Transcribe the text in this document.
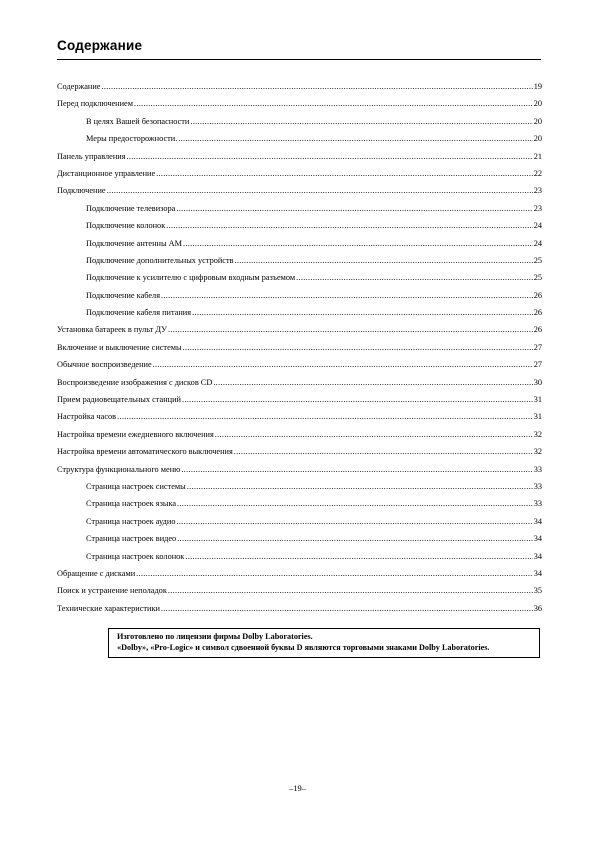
Содержание
Содержание .....	19
Перед подключением .....	20
В целях Вашей безопасности .....	20
Меры предосторожности. .....	20
Панель управления .....	21
Дистанционное управление .....	22
Подключение .....	23
Подключение телевизора .....	23
Подключение колонок .....	24
Подключение антенны AM .....	24
Подключение дополнительных устройств .....	25
Подключение к усилителю с цифровым входным разъемом .....	25
Подключение кабеля .....	26
Подключение кабеля питания .....	26
Установка батареек в пульт ДУ .....	26
Включение и выключение системы .....	27
Обычное воспроизведение .....	27
Воспроизведение изображения с дисков CD .....	30
Прием радиовещательных станций .....	31
Настройка часов .....	31
Настройка времени ежедневного включения .....	32
Настройка времени автоматического выключения .....	32
Структура функционального меню .....	33
Страница настроек системы .....	33
Страница настроек языка .....	33
Страница настроек аудио .....	34
Страница настроек видео .....	34
Страница настроек колонок .....	34
Обращение с дисками .....	34
Поиск и устранение неполадок .....	35
Технические характеристики .....	36

Изготовлено по лицензии фирмы Dolby Laboratories.

«Dolby», «Pro-Logic» и символ сдвоенной буквы D являются торговыми знаками Dolby Laboratories.

–19–
